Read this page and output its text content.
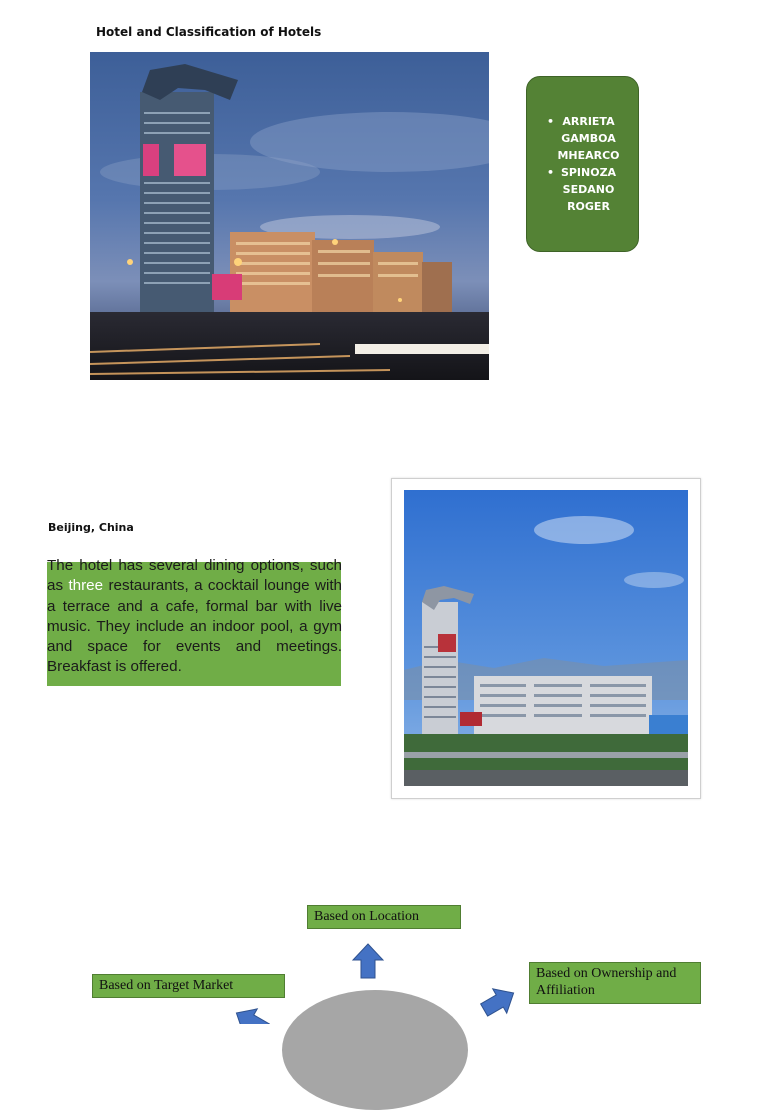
Hotel and Classification of Hotels
• ARRIETA GAMBOA MHEARCO
• SPINOZA SEDANO ROGER
Beijing, China
The hotel has several dining options, such as three restaurants, a cocktail lounge with a terrace and a cafe, formal bar with live music. They include an indoor pool, a gym and space for events and meetings. Breakfast is offered.
Based on Location
Based on Target Market
Based on Ownership and Affiliation
